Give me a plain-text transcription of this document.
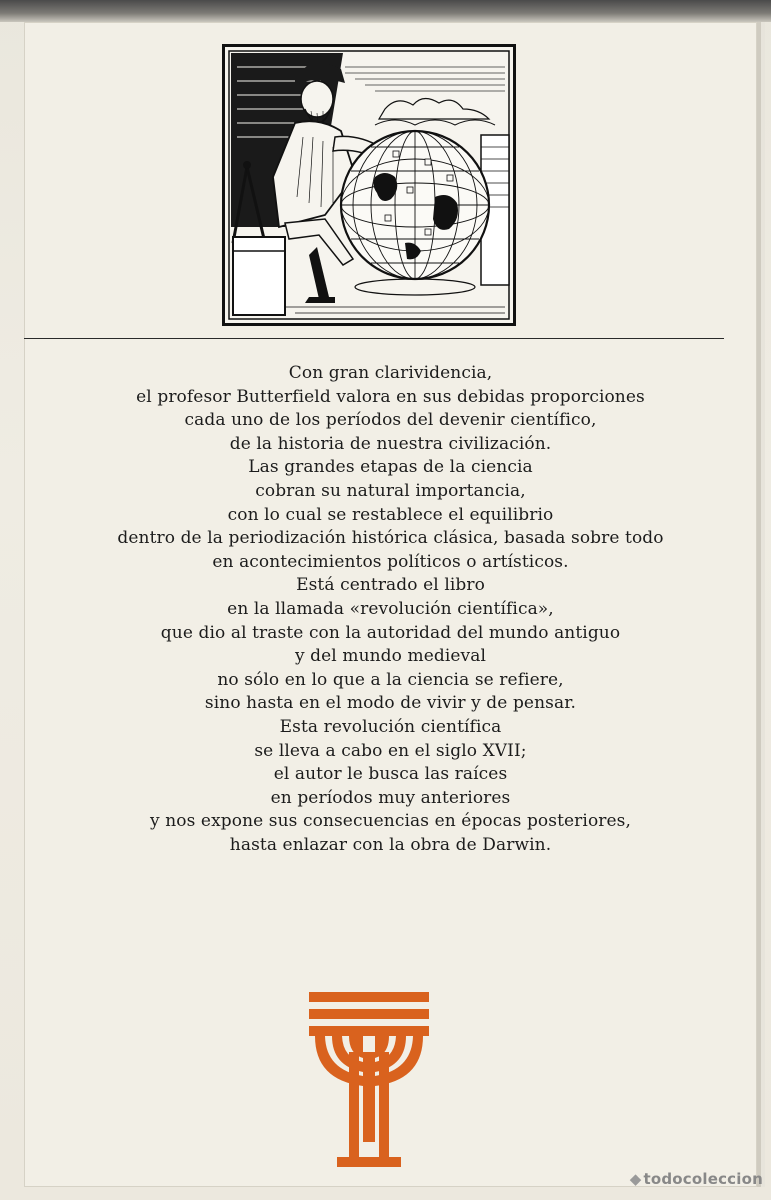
Con gran clarividencia,
el profesor Butterfield valora en sus debidas proporciones
cada uno de los períodos del devenir científico,
de la historia de nuestra civilización.
Las grandes etapas de la ciencia
cobran su natural importancia,
con lo cual se restablece el equilibrio
dentro de la periodización histórica clásica, basada sobre todo
en acontecimientos políticos o artísticos.
Está centrado el libro
en la llamada «revolución científica»,
que dio al traste con la autoridad del mundo antiguo
y del mundo medieval
no sólo en lo que a la ciencia se refiere,
sino hasta en el modo de vivir y de pensar.
Esta revolución científica
se lleva a cabo en el siglo XVII;
el autor le busca las raíces
en períodos muy anteriores
y nos expone sus consecuencias en épocas posteriores,
hasta enlazar con la obra de Darwin.
◆ todocoleccion
